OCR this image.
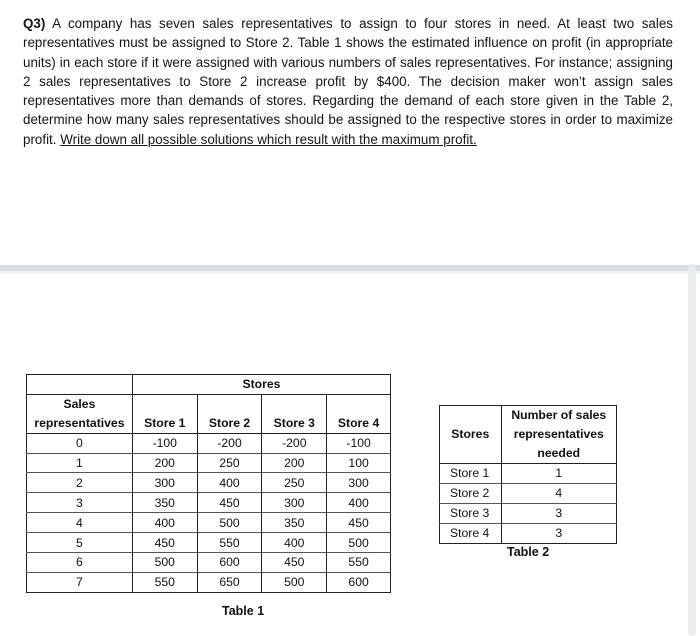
Q3) A company has seven sales representatives to assign to four stores in need. At least two sales representatives must be assigned to Store 2. Table 1 shows the estimated influence on profit (in appropriate units) in each store if it were assigned with various numbers of sales representatives. For instance; assigning 2 sales representatives to Store 2 increase profit by $400. The decision maker won’t assign sales representatives more than demands of stores. Regarding the demand of each store given in the Table 2, determine how many sales representatives should be assigned to the respective stores in order to maximize profit. Write down all possible solutions which result with the maximum profit.
	Stores			
Sales				
representatives	Store 1	Store 2	Store 3	Store 4
0	-100	-200	-200	-100
1	200	250	200	100
2	300	400	250	300
3	350	450	300	400
4	400	500	350	450
5	450	550	400	500
6	500	600	450	550
7	550	650	500	600
Table 1
Stores	Number of sales
	representatives
	needed
Store 1	1
Store 2	4
Store 3	3
Store 4	3
Table 2
